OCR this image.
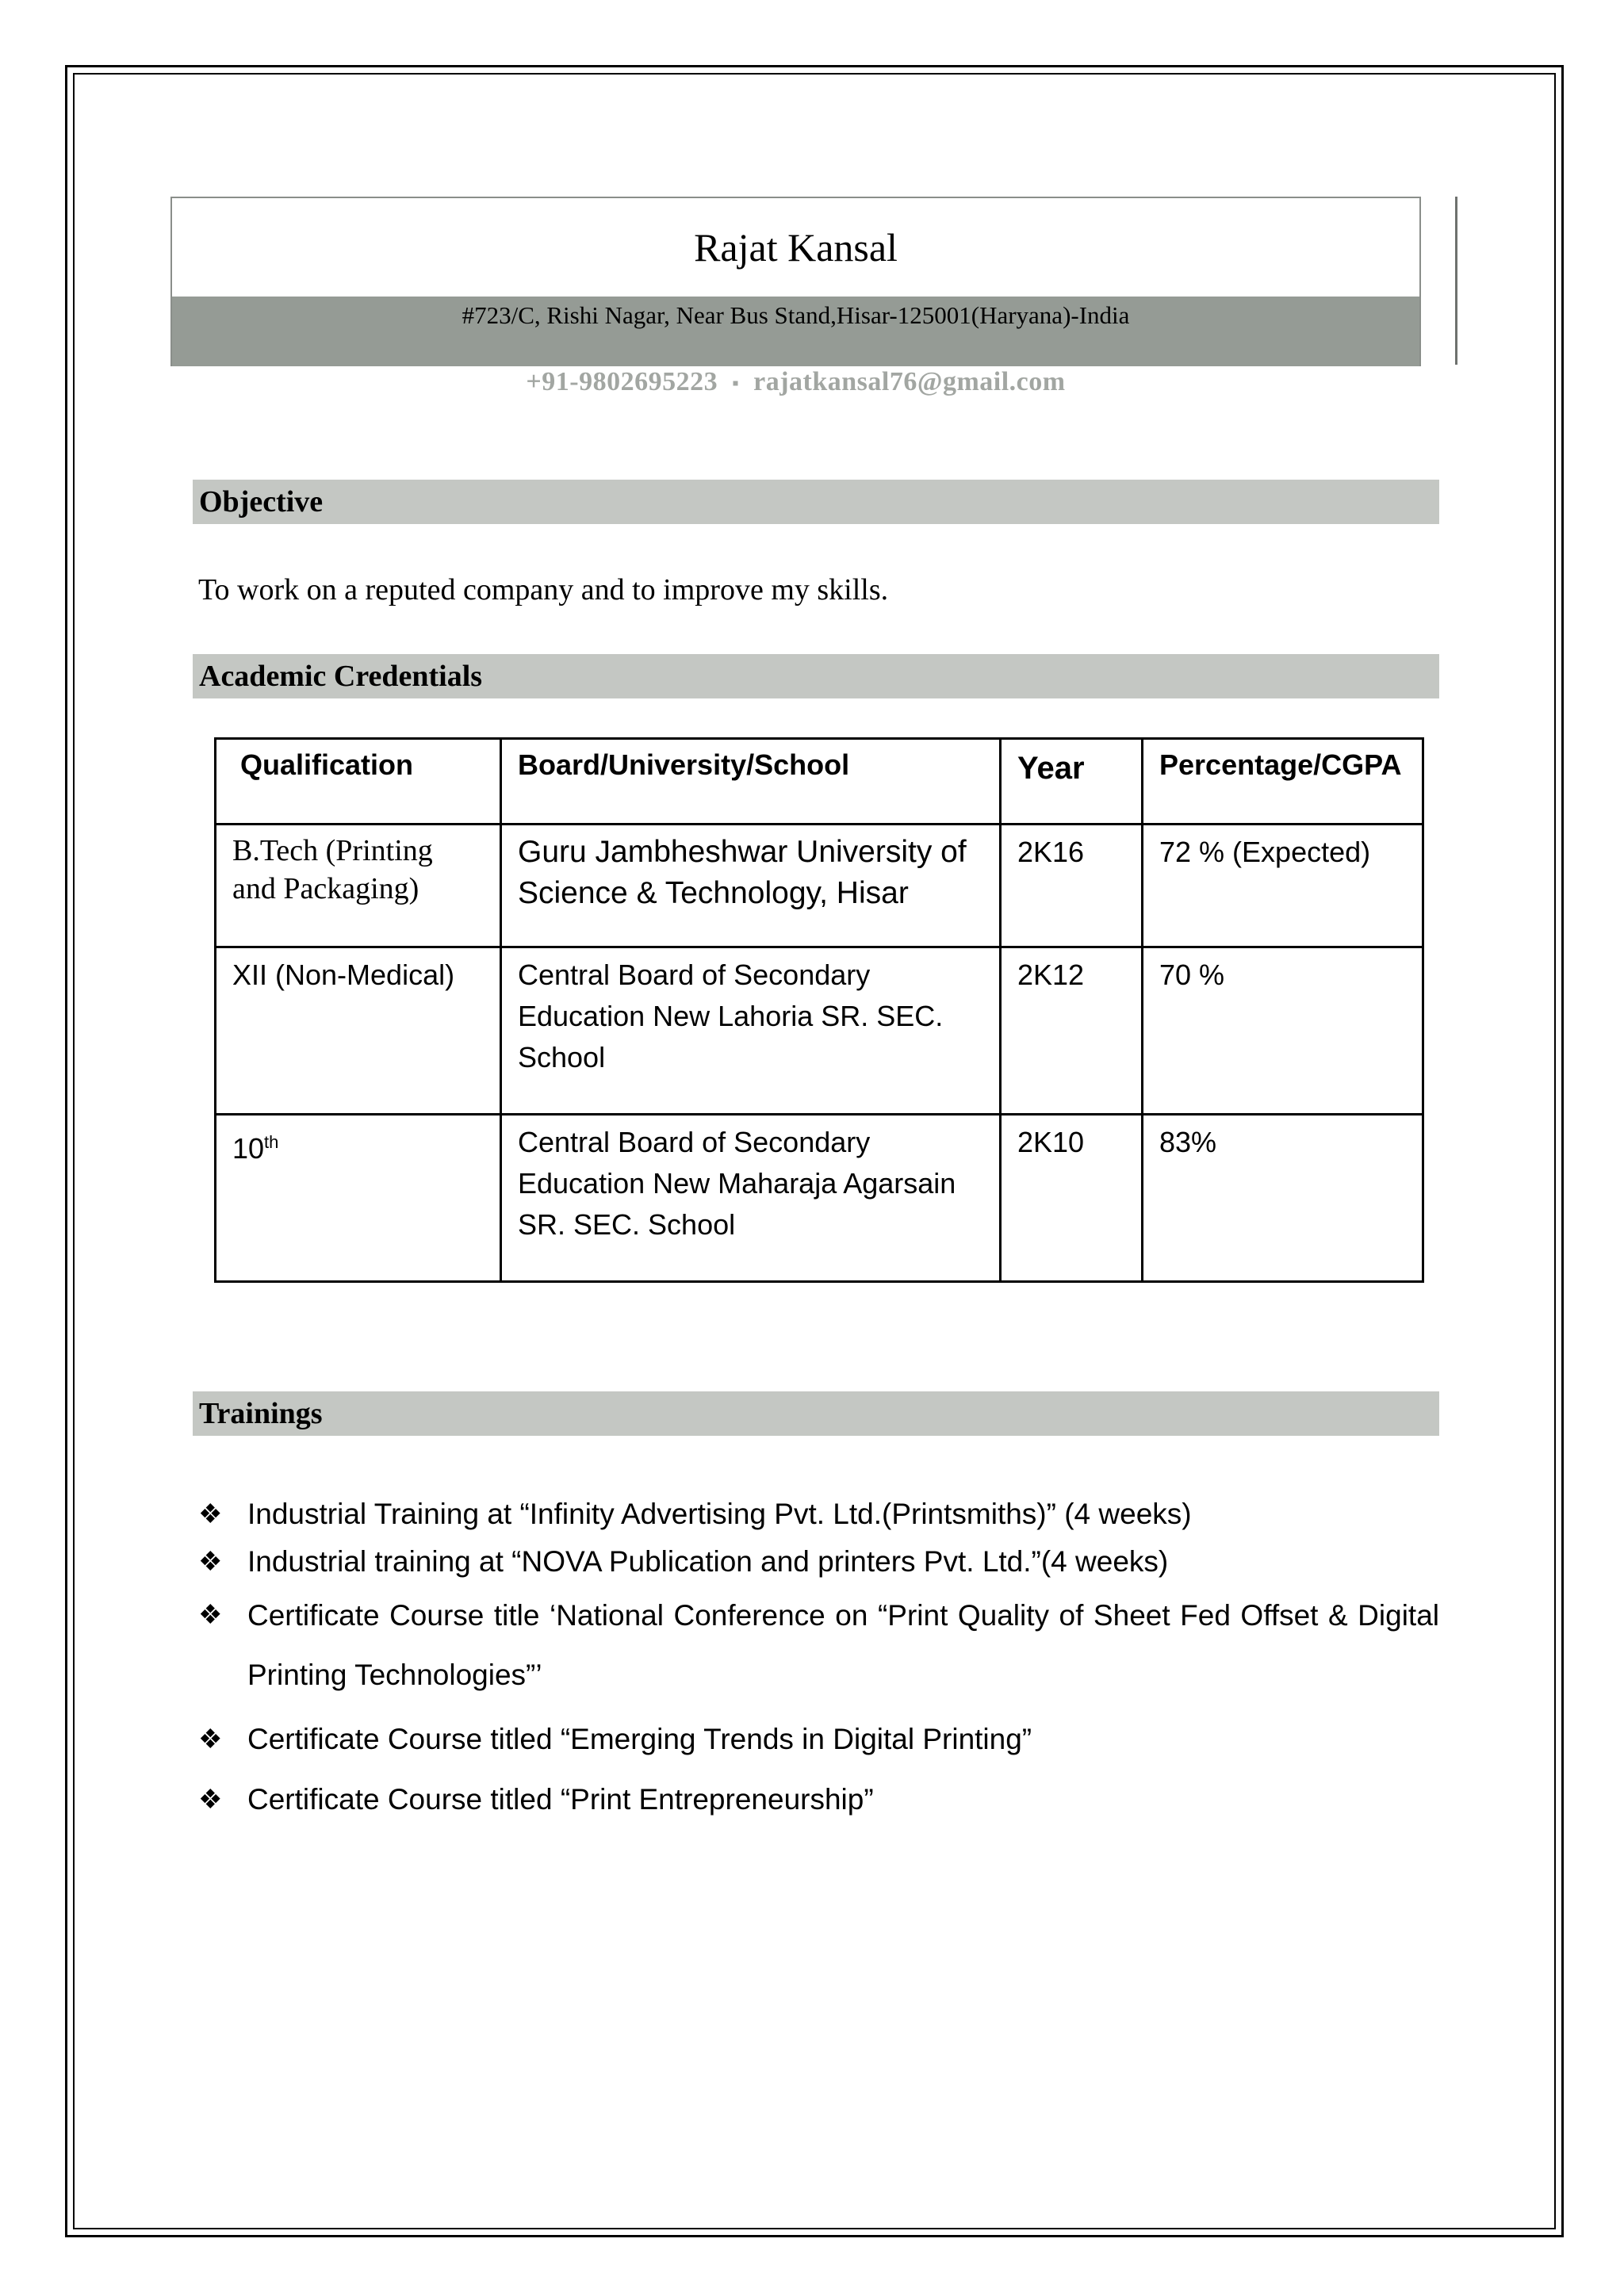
Rajat Kansal
#723/C, Rishi Nagar, Near Bus Stand,Hisar-125001(Haryana)-India
+91-9802695223 ▪ rajatkansal76@gmail.com
Objective
To work on a reputed company and to improve my skills.
Academic Credentials
Qualification	Board/University/School	Year	Percentage/CGPA
B.Tech (Printing and Packaging)	Guru Jambheshwar University of Science & Technology, Hisar	2K16	72 % (Expected)
XII (Non-Medical)	Central Board of Secondary Education New Lahoria SR. SEC. School	2K12	70 %
10th	Central Board of Secondary Education New Maharaja Agarsain SR. SEC. School	2K10	83%
Trainings
❖ Industrial Training at “Infinity Advertising Pvt. Ltd.(Printsmiths)” (4 weeks)
❖ Industrial training at “NOVA Publication and printers Pvt. Ltd.”(4 weeks)
❖ Certificate Course title ‘National Conference on “Print Quality of Sheet Fed Offset & Digital Printing Technologies”’
❖ Certificate Course titled “Emerging Trends in Digital Printing”
❖ Certificate Course titled “Print Entrepreneurship”
